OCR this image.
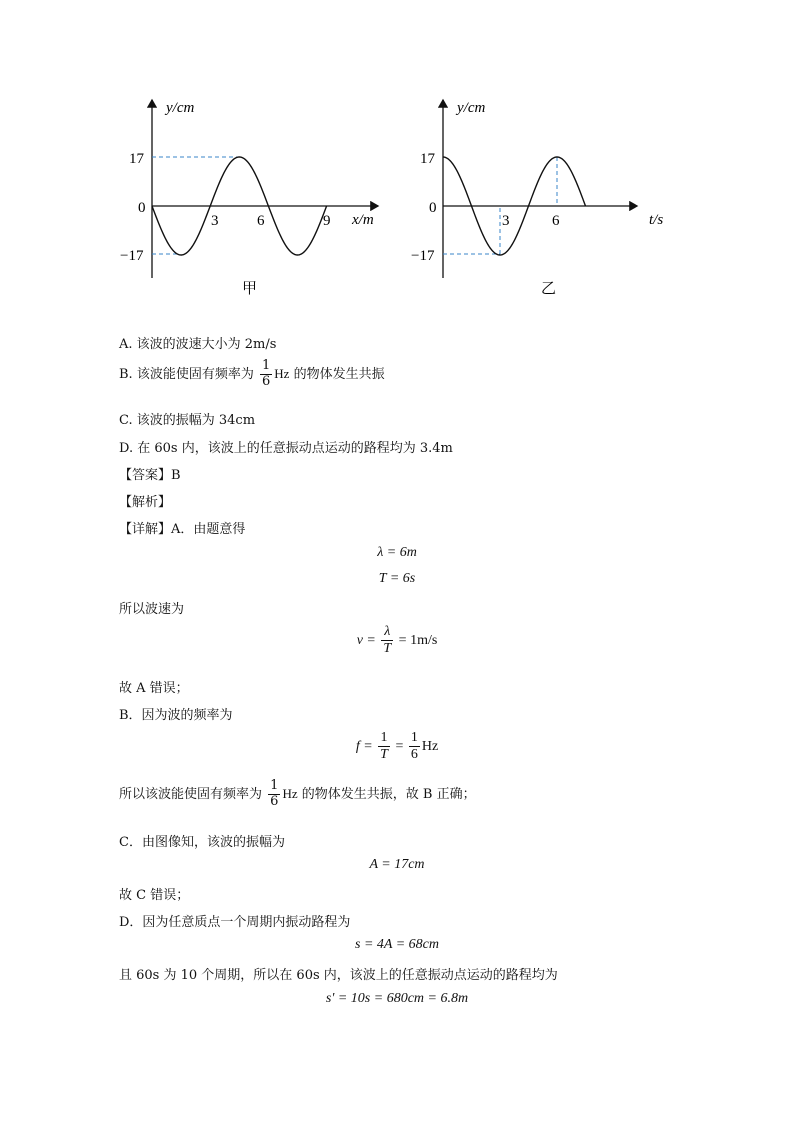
y/cm
x/m
0
17
−17
3	6	9
甲
y/cm
t/s
0
17
−17
3	6
乙
A. 该波的波速大小为 2m/s
B. 该波能使固有频率为 $\frac{1}{6}$ Hz 的物体发生共振
C. 该波的振幅为 34cm
D. 在 60s 内，该波上的任意振动点运动的路程均为 3.4m
【答案】B
【解析】
【详解】A．由题意得
λ = 6m
T = 6s
所以波速为
$v = \frac{\lambda}{T} = 1m/s$
故 A 错误；
B．因为波的频率为
$f = \frac{1}{T} = \frac{1}{6}$ Hz
所以该波能使固有频率为 $\frac{1}{6}$ Hz 的物体发生共振，故 B 正确；
C．由图像知，该波的振幅为
A = 17cm
故 C 错误；
D．因为任意质点一个周期内振动路程为
s = 4A = 68cm
且 60s 为 10 个周期，所以在 60s 内，该波上的任意振动点运动的路程均为
s' = 10s = 680cm = 6.8m
